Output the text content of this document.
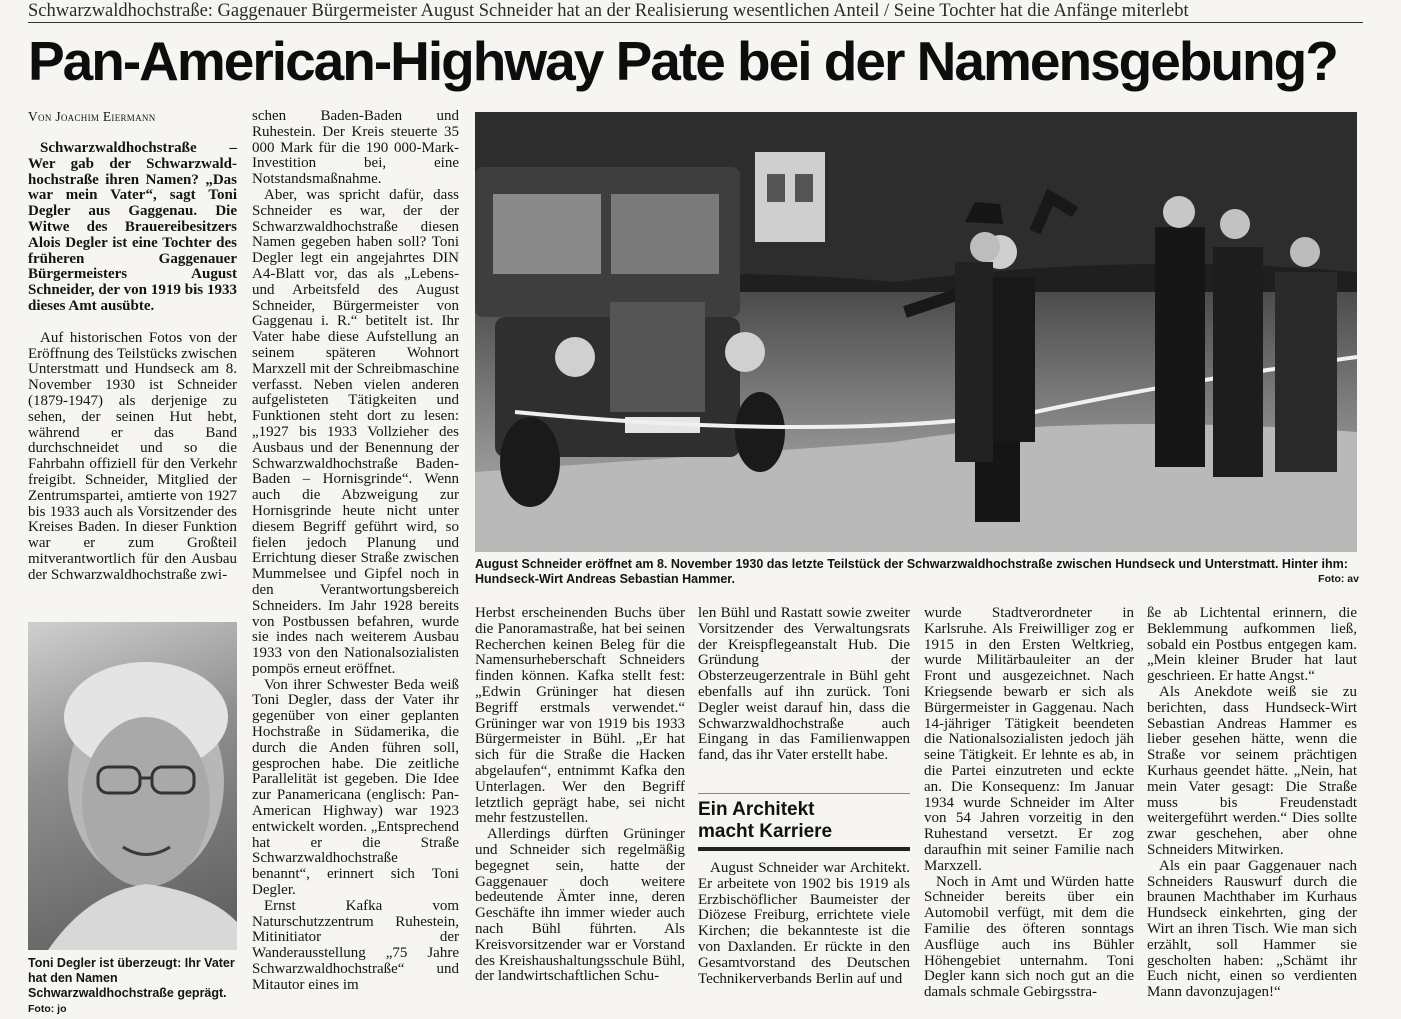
Schwarzwaldhochstraße: Gaggenauer Bürgermeister August Schneider hat an der Realisierung wesentlichen Anteil / Seine Tochter hat die Anfänge miterlebt
Pan-American-Highway Pate bei der Namensgebung?
Von Joachim Eiermann

Schwarzwaldhochstraße – Wer gab der Schwarzwald-hochstraße ihren Namen? „Das war mein Vater“, sagt Toni Degler aus Gaggenau. Die Witwe des Brauereibesitzers Alois Degler ist eine Tochter des früheren Gaggenauer Bürgermeisters August Schneider, der von 1919 bis 1933 dieses Amt ausübte.

Auf historischen Fotos von der Eröffnung des Teilstücks zwischen Unterstmatt und Hundseck am 8. November 1930 ist Schneider (1879-1947) als derjenige zu sehen, der seinen Hut hebt, während er das Band durchschneidet und so die Fahrbahn offiziell für den Verkehr freigibt. Schneider, Mitglied der Zentrumspartei, amtierte von 1927 bis 1933 auch als Vorsitzender des Kreises Baden. In dieser Funktion war er zum Großteil mitverantwortlich für den Ausbau der Schwarzwaldhochstraße zwi-

Toni Degler ist überzeugt: Ihr Vater hat den Namen Schwarzwaldhochstraße geprägt. Foto: jo

schen Baden-Baden und Ruhestein. Der Kreis steuerte 35 000 Mark für die 190 000-Mark-Investition bei, eine Notstandsmaßnahme.

Aber, was spricht dafür, dass Schneider es war, der der Schwarzwaldhochstraße diesen Namen gegeben haben soll? Toni Degler legt ein angejahrtes DIN A4-Blatt vor, das als „Lebens- und Arbeitsfeld des August Schneider, Bürgermeister von Gaggenau i. R.“ betitelt ist. Ihr Vater habe diese Aufstellung an seinem späteren Wohnort Marxzell mit der Schreibmaschine verfasst. Neben vielen anderen aufgelisteten Tätigkeiten und Funktionen steht dort zu lesen: „1927 bis 1933 Vollzieher des Ausbaus und der Benennung der Schwarzwaldhochstraße Baden-Baden – Hornisgrinde“. Wenn auch die Abzweigung zur Hornisgrinde heute nicht unter diesem Begriff geführt wird, so fielen jedoch Planung und Errichtung dieser Straße zwischen Mummelsee und Gipfel noch in den Verantwortungsbereich Schneiders. Im Jahr 1928 bereits von Postbussen befahren, wurde sie indes nach weiterem Ausbau 1933 von den Nationalsozialisten pompös erneut eröffnet.

Von ihrer Schwester Beda weiß Toni Degler, dass der Vater ihr gegenüber von einer geplanten Hochstraße in Südamerika, die durch die Anden führen soll, gesprochen habe. Die zeitliche Parallelität ist gegeben. Die Idee zur Panamericana (englisch: Pan-American Highway) war 1923 entwickelt worden. „Entsprechend hat er die Straße Schwarzwaldhochstraße benannt“, erinnert sich Toni Degler.

Ernst Kafka vom Naturschutzzentrum Ruhestein, Mitinitiator der Wanderausstellung „75 Jahre Schwarzwaldhochstraße“ und Mitautor eines im

August Schneider eröffnet am 8. November 1930 das letzte Teilstück der Schwarzwaldhochstraße zwischen Hundseck und Unterstmatt. Hinter ihm: Hundseck-Wirt Andreas Sebastian Hammer.	Foto: av

Herbst erscheinenden Buchs über die Panoramastraße, hat bei seinen Recherchen keinen Beleg für die Namensurheberschaft Schneiders finden können. Kafka stellt fest: „Edwin Grüninger hat diesen Begriff erstmals verwendet.“ Grüninger war von 1919 bis 1933 Bürgermeister in Bühl. „Er hat sich für die Straße die Hacken abgelaufen“, entnimmt Kafka den Unterlagen. Wer den Begriff letztlich geprägt habe, sei nicht mehr festzustellen.

Allerdings dürften Grüninger und Schneider sich regelmäßig begegnet sein, hatte der Gaggenauer doch weitere bedeutende Ämter inne, deren Geschäfte ihn immer wieder auch nach Bühl führten. Als Kreisvorsitzender war er Vorstand des Kreishaushaltungsschule Bühl, der landwirtschaftlichen Schu-

len Bühl und Rastatt sowie zweiter Vorsitzender des Verwaltungsrats der Kreispflegeanstalt Hub. Die Gründung der Obsterzeugerzentrale in Bühl geht ebenfalls auf ihn zurück. Toni Degler weist darauf hin, dass die Schwarzwaldhochstraße auch Eingang in das Familienwappen fand, das ihr Vater erstellt habe.

Ein Architekt macht Karriere

August Schneider war Architekt. Er arbeitete von 1902 bis 1919 als Erzbischöflicher Baumeister der Diözese Freiburg, errichtete viele Kirchen; die bekannteste ist die von Daxlanden. Er rückte in den Gesamtvorstand des Deutschen Technikerverbands Berlin auf und

wurde Stadtverordneter in Karlsruhe. Als Freiwilliger zog er 1915 in den Ersten Weltkrieg, wurde Militärbauleiter an der Front und ausgezeichnet. Nach Kriegsende bewarb er sich als Bürgermeister in Gaggenau. Nach 14-jähriger Tätigkeit beendeten die Nationalsozialisten jedoch jäh seine Tätigkeit. Er lehnte es ab, in die Partei einzutreten und eckte an. Die Konsequenz: Im Januar 1934 wurde Schneider im Alter von 54 Jahren vorzeitig in den Ruhestand versetzt. Er zog daraufhin mit seiner Familie nach Marxzell.

Noch in Amt und Würden hatte Schneider bereits über ein Automobil verfügt, mit dem die Familie des öfteren sonntags Ausflüge auch ins Bühler Höhengebiet unternahm. Toni Degler kann sich noch gut an die damals schmale Gebirgsstra-

ße ab Lichtental erinnern, die Beklemmung aufkommen ließ, sobald ein Postbus entgegen kam. „Mein kleiner Bruder hat laut geschrieen. Er hatte Angst.“

Als Anekdote weiß sie zu berichten, dass Hundseck-Wirt Sebastian Andreas Hammer es lieber gesehen hätte, wenn die Straße vor seinem prächtigen Kurhaus geendet hätte. „Nein, hat mein Vater gesagt: Die Straße muss bis Freudenstadt weitergeführt werden.“ Dies sollte zwar geschehen, aber ohne Schneiders Mitwirken.

Als ein paar Gaggenauer nach Schneiders Rauswurf durch die braunen Machthaber im Kurhaus Hundseck einkehrten, ging der Wirt an ihren Tisch. Wie man sich erzählt, soll Hammer sie gescholten haben: „Schämt ihr Euch nicht, einen so verdienten Mann davonzujagen!“
